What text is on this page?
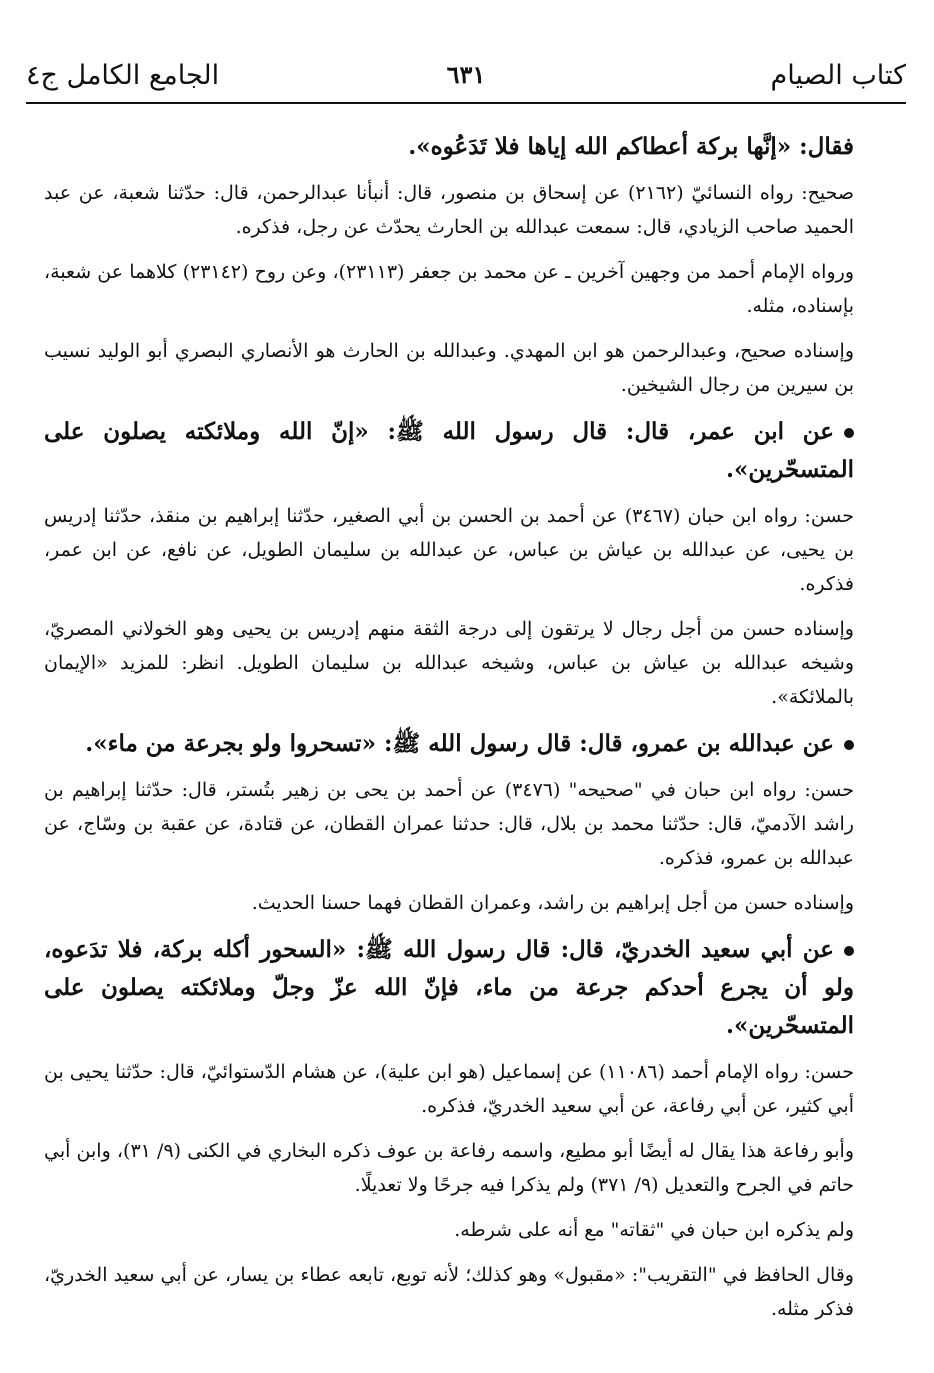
كتاب الصيام
٦٣١
الجامع الكامل ج٤

فقال: «إنَّها بركة أعطاكم الله إياها فلا تَدَعُوه».

صحيح: رواه النسائيّ (٢١٦٢) عن إسحاق بن منصور، قال: أنبأنا عبدالرحمن، قال: حدّثنا شعبة، عن عبد الحميد صاحب الزيادي، قال: سمعت عبدالله بن الحارث يحدّث عن رجل، فذكره.

ورواه الإمام أحمد من وجهين آخرين ـ عن محمد بن جعفر (٢٣١١٣)، وعن روح (٢٣١٤٢) كلاهما عن شعبة، بإسناده، مثله.

وإسناده صحيح، وعبدالرحمن هو ابن المهدي. وعبدالله بن الحارث هو الأنصاري البصري أبو الوليد نسيب بن سيرين من رجال الشيخين.

عن ابن عمر، قال: قال رسول الله ﷺ: «إنّ الله وملائكته يصلون على المتسحّرين».

حسن: رواه ابن حبان (٣٤٦٧) عن أحمد بن الحسن بن أبي الصغير، حدّثنا إبراهيم بن منقذ، حدّثنا إدريس بن يحيى، عن عبدالله بن عياش بن عباس، عن عبدالله بن سليمان الطويل، عن نافع، عن ابن عمر، فذكره.

وإسناده حسن من أجل رجال لا يرتقون إلى درجة الثقة منهم إدريس بن يحيى وهو الخولاني المصريّ، وشيخه عبدالله بن عياش بن عباس، وشيخه عبدالله بن سليمان الطويل. انظر: للمزيد «الإيمان بالملائكة».

عن عبدالله بن عمرو، قال: قال رسول الله ﷺ: «تسحروا ولو بجرعة من ماء».

حسن: رواه ابن حبان في "صحيحه" (٣٤٧٦) عن أحمد بن يحى بن زهير بتُستر، قال: حدّثنا إبراهيم بن راشد الآدميّ، قال: حدّثنا محمد بن بلال، قال: حدثنا عمران القطان، عن قتادة، عن عقبة بن وسّاج، عن عبدالله بن عمرو، فذكره.

وإسناده حسن من أجل إبراهيم بن راشد، وعمران القطان فهما حسنا الحديث.

عن أبي سعيد الخدريّ، قال: قال رسول الله ﷺ: «السحور أكله بركة، فلا تدَعوه، ولو أن يجرع أحدكم جرعة من ماء، فإنّ الله عزّ وجلّ وملائكته يصلون على المتسحّرين».

حسن: رواه الإمام أحمد (١١٠٨٦) عن إسماعيل (هو ابن علية)، عن هشام الدّستوائيّ، قال: حدّثنا يحيى بن أبي كثير، عن أبي رفاعة، عن أبي سعيد الخدريّ، فذكره.

وأبو رفاعة هذا يقال له أيضًا أبو مطيع، واسمه رفاعة بن عوف ذكره البخاري في الكنى (٩/ ٣١)، وابن أبي حاتم في الجرح والتعديل (٩/ ٣٧١) ولم يذكرا فيه جرحًا ولا تعديلًا.

ولم يذكره ابن حبان في "ثقاته" مع أنه على شرطه.

وقال الحافظ في "التقريب": «مقبول» وهو كذلك؛ لأنه توبع، تابعه عطاء بن يسار، عن أبي سعيد الخدريّ، فذكر مثله.
